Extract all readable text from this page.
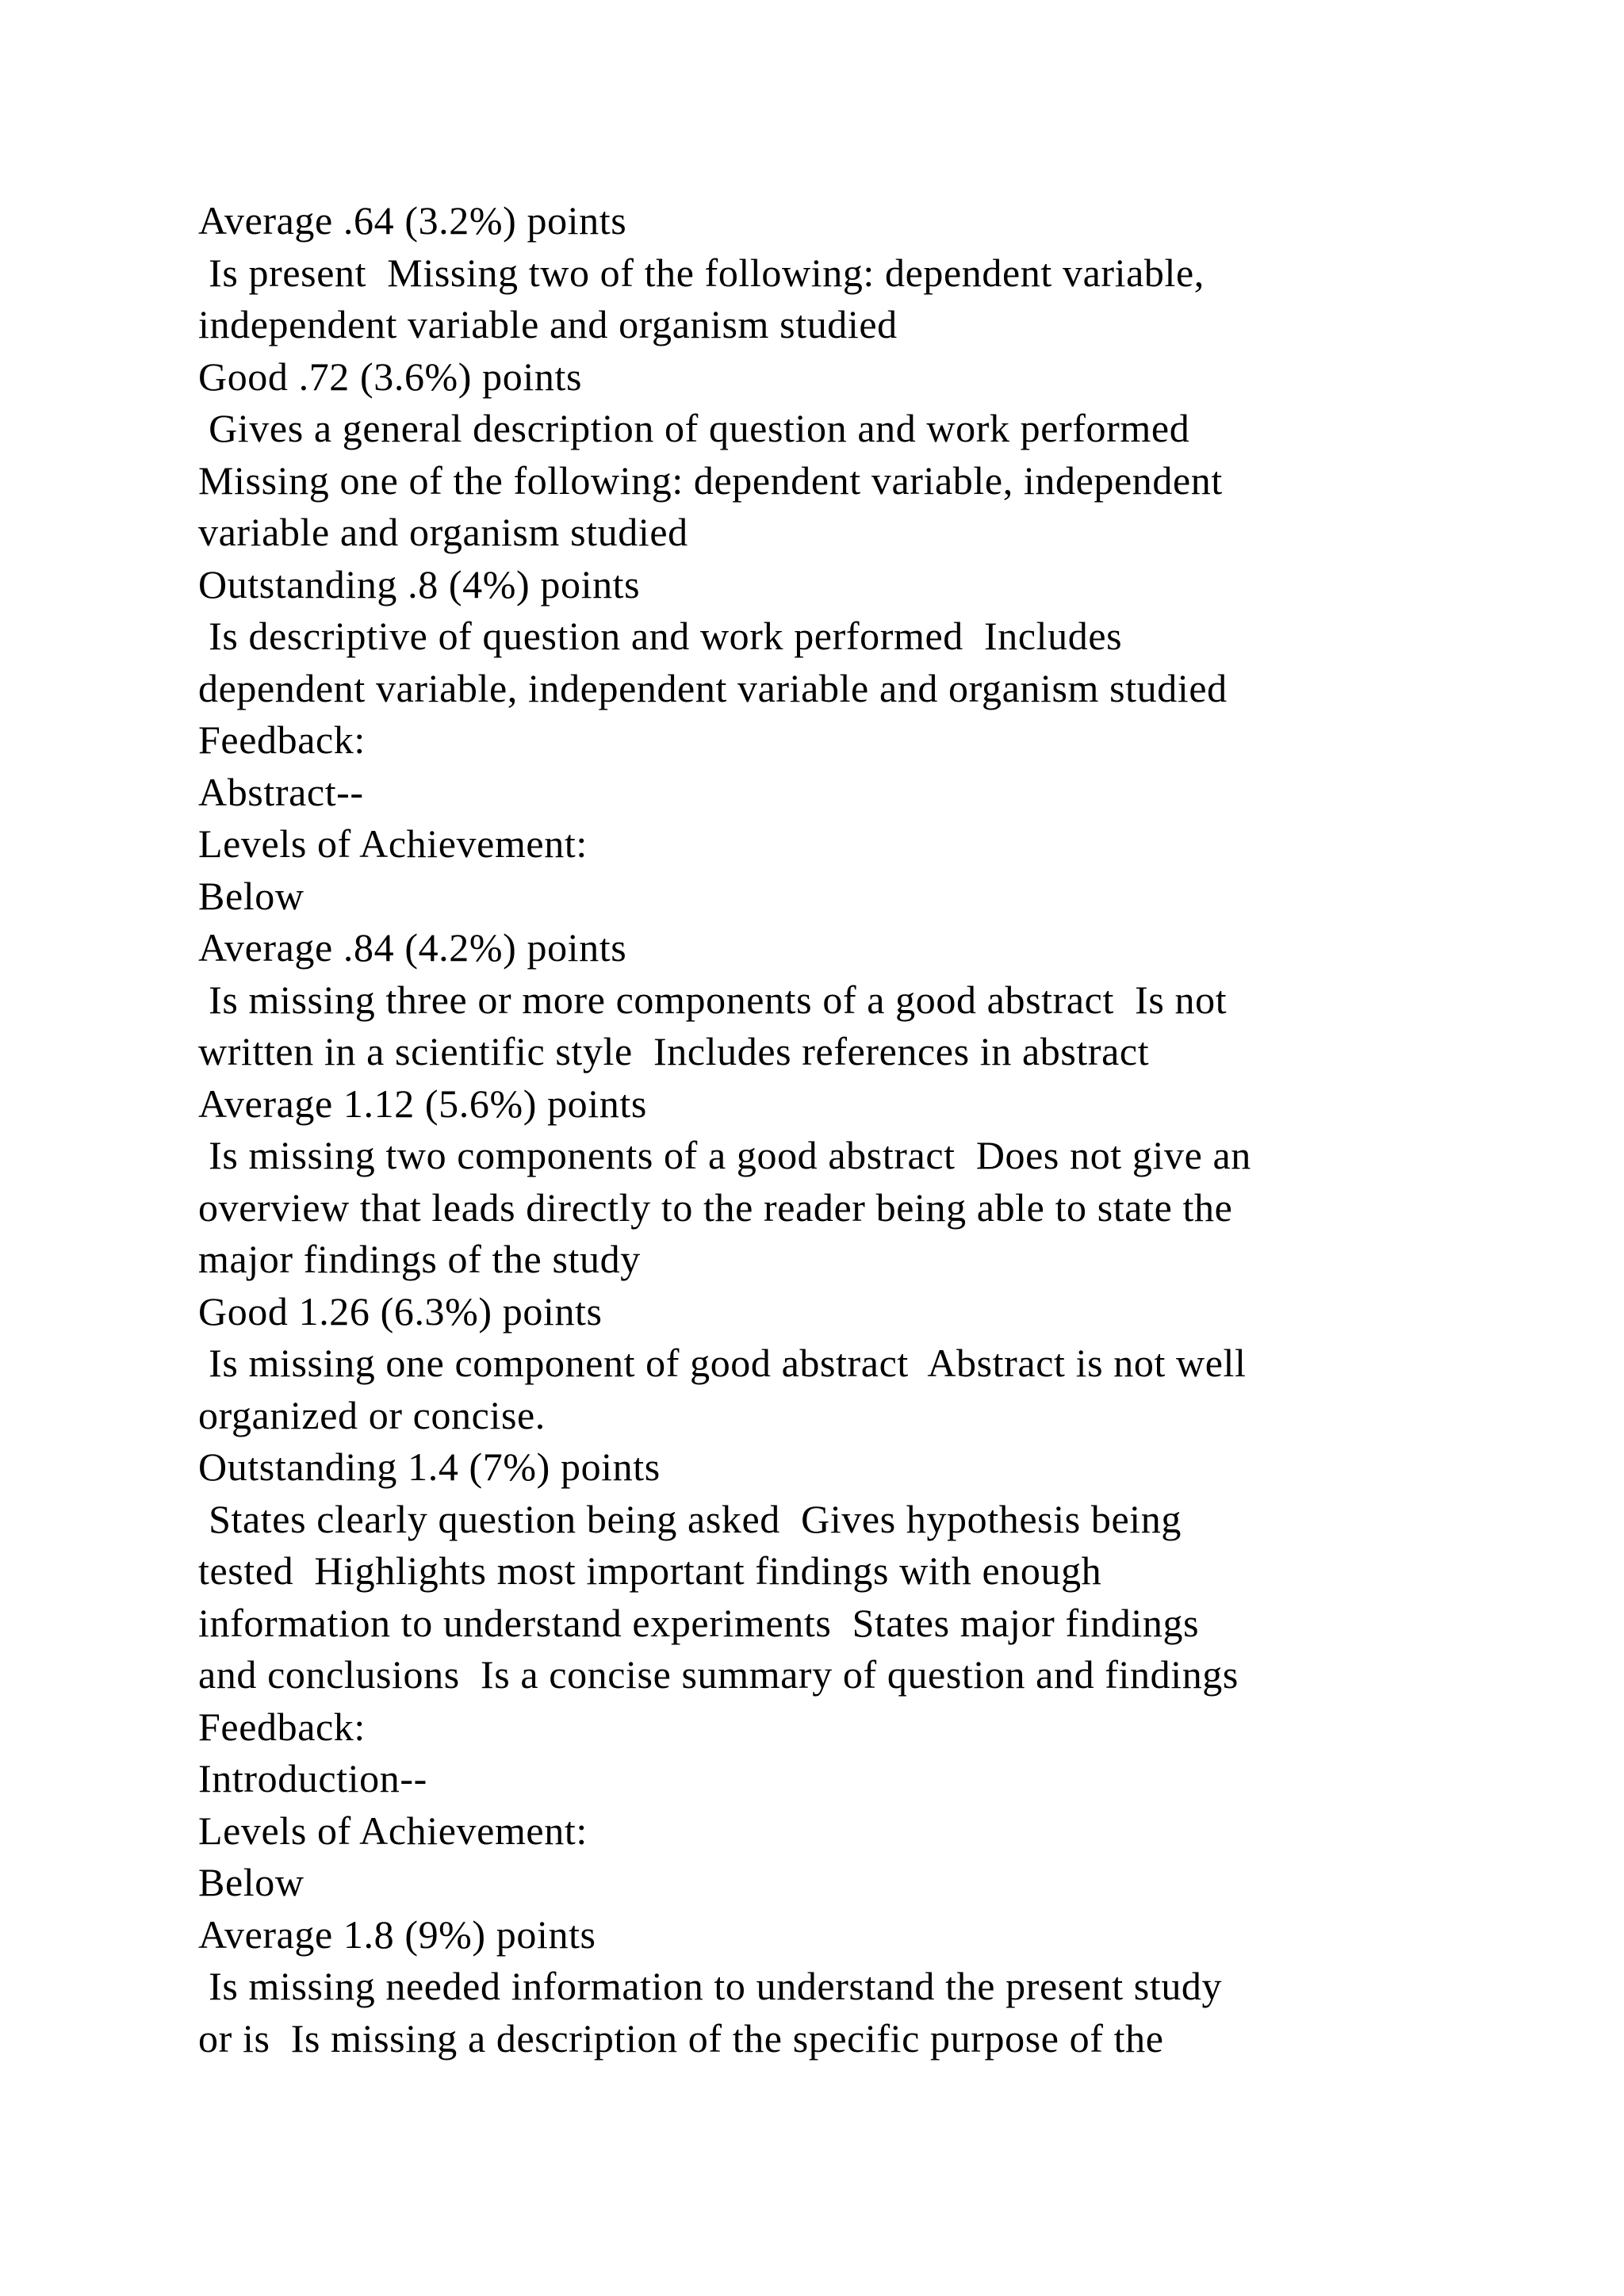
Average .64 (3.2%) points
Is present  Missing two of the following: dependent variable,
independent variable and organism studied
Good .72 (3.6%) points
Gives a general description of question and work performed
Missing one of the following: dependent variable, independent
variable and organism studied
Outstanding .8 (4%) points
Is descriptive of question and work performed  Includes
dependent variable, independent variable and organism studied
Feedback:
Abstract--
Levels of Achievement:
Below
Average .84 (4.2%) points
Is missing three or more components of a good abstract  Is not
written in a scientific style  Includes references in abstract
Average 1.12 (5.6%) points
Is missing two components of a good abstract  Does not give an
overview that leads directly to the reader being able to state the
major findings of the study
Good 1.26 (6.3%) points
Is missing one component of good abstract  Abstract is not well
organized or concise.
Outstanding 1.4 (7%) points
States clearly question being asked  Gives hypothesis being
tested  Highlights most important findings with enough
information to understand experiments  States major findings
and conclusions  Is a concise summary of question and findings
Feedback:
Introduction--
Levels of Achievement:
Below
Average 1.8 (9%) points
Is missing needed information to understand the present study
or is  Is missing a description of the specific purpose of the
